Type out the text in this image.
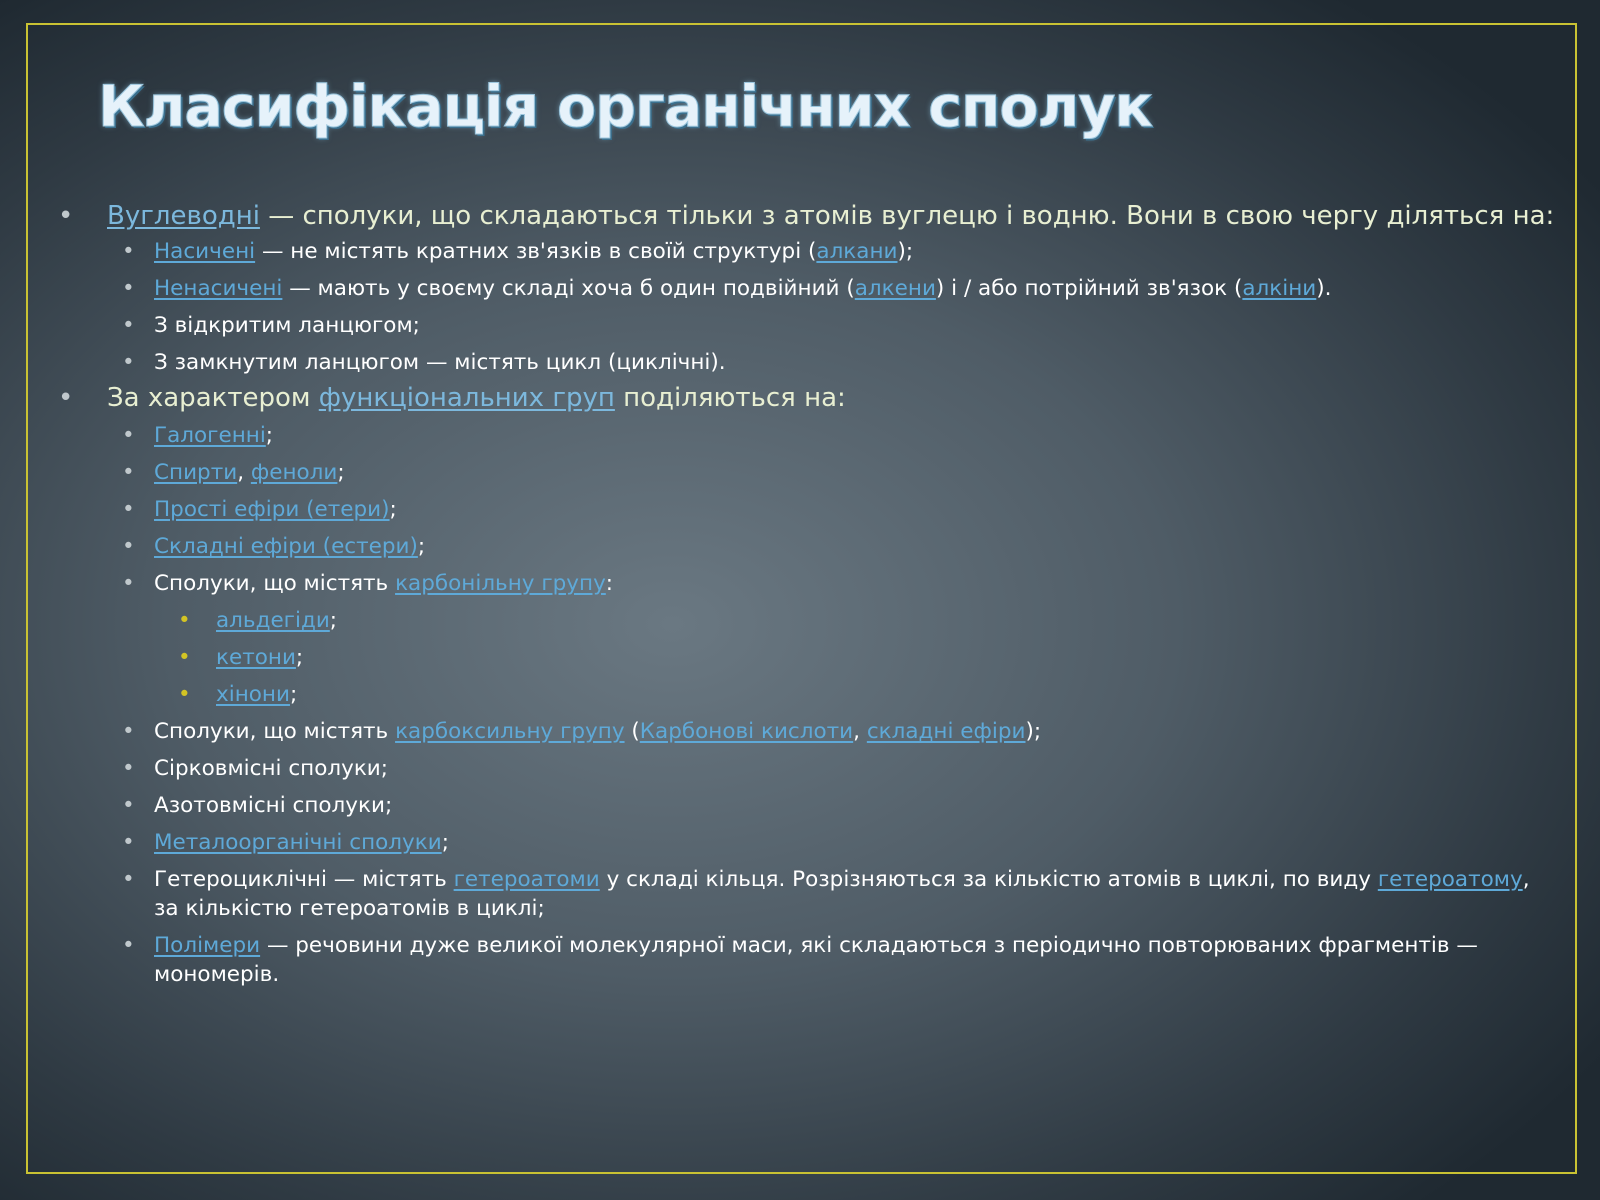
Класифікація органічних сполук
• Вуглеводні — сполуки, що складаються тільки з атомів вуглецю і водню. Вони в свою чергу діляться на:
• Насичені — не містять кратних зв'язків в своїй структурі (алкани);
• Ненасичені — мають у своєму складі хоча б один подвійний (алкени) і / або потрійний зв'язок (алкіни).
• З відкритим ланцюгом;
• З замкнутим ланцюгом — містять цикл (циклічні).
• За характером функціональних груп поділяються на:
• Галогенні;
• Спирти, феноли;
• Прості ефіри (етери);
• Складні ефіри (естери);
• Сполуки, що містять карбонільну групу:
• альдегіди;
• кетони;
• хінони;
• Сполуки, що містять карбоксильну групу (Карбонові кислоти, складні ефіри);
• Сірковмісні сполуки;
• Азотовмісні сполуки;
• Металоорганічні сполуки;
• Гетероциклічні — містять гетероатоми у складі кільця. Розрізняються за кількістю атомів в циклі, по виду гетероатому, за кількістю гетероатомів в циклі;
• Полімери — речовини дуже великої молекулярної маси, які складаються з періодично повторюваних фрагментів — мономерів.
